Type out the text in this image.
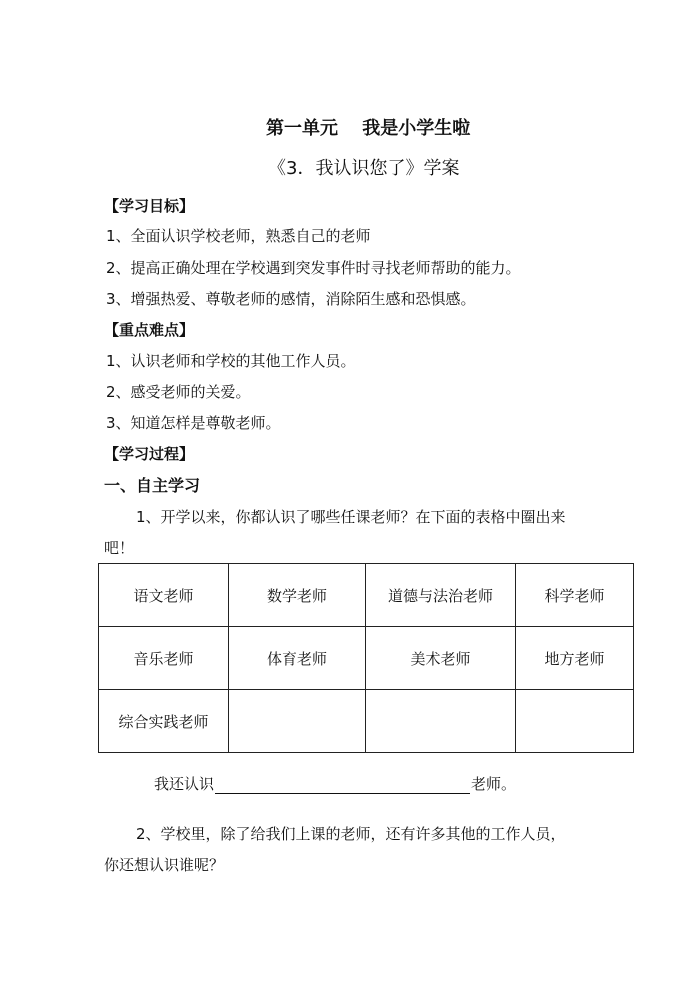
第一单元　 我是小学生啦
《3．我认识您了》学案
【学习目标】
1、全面认识学校老师，熟悉自己的老师
2、提高正确处理在学校遇到突发事件时寻找老师帮助的能力。
3、增强热爱、尊敬老师的感情，消除陌生感和恐惧感。
【重点难点】
1、认识老师和学校的其他工作人员。
2、感受老师的关爱。
3、知道怎样是尊敬老师。
【学习过程】
一、自主学习
1、开学以来，你都认识了哪些任课老师？在下面的表格中圈出来
吧！
语文老师	数学老师	道德与法治老师	科学老师
音乐老师	体育老师	美术老师	地方老师
综合实践老师			
我还认识	老师。
2、学校里，除了给我们上课的老师，还有许多其他的工作人员，
你还想认识谁呢？
